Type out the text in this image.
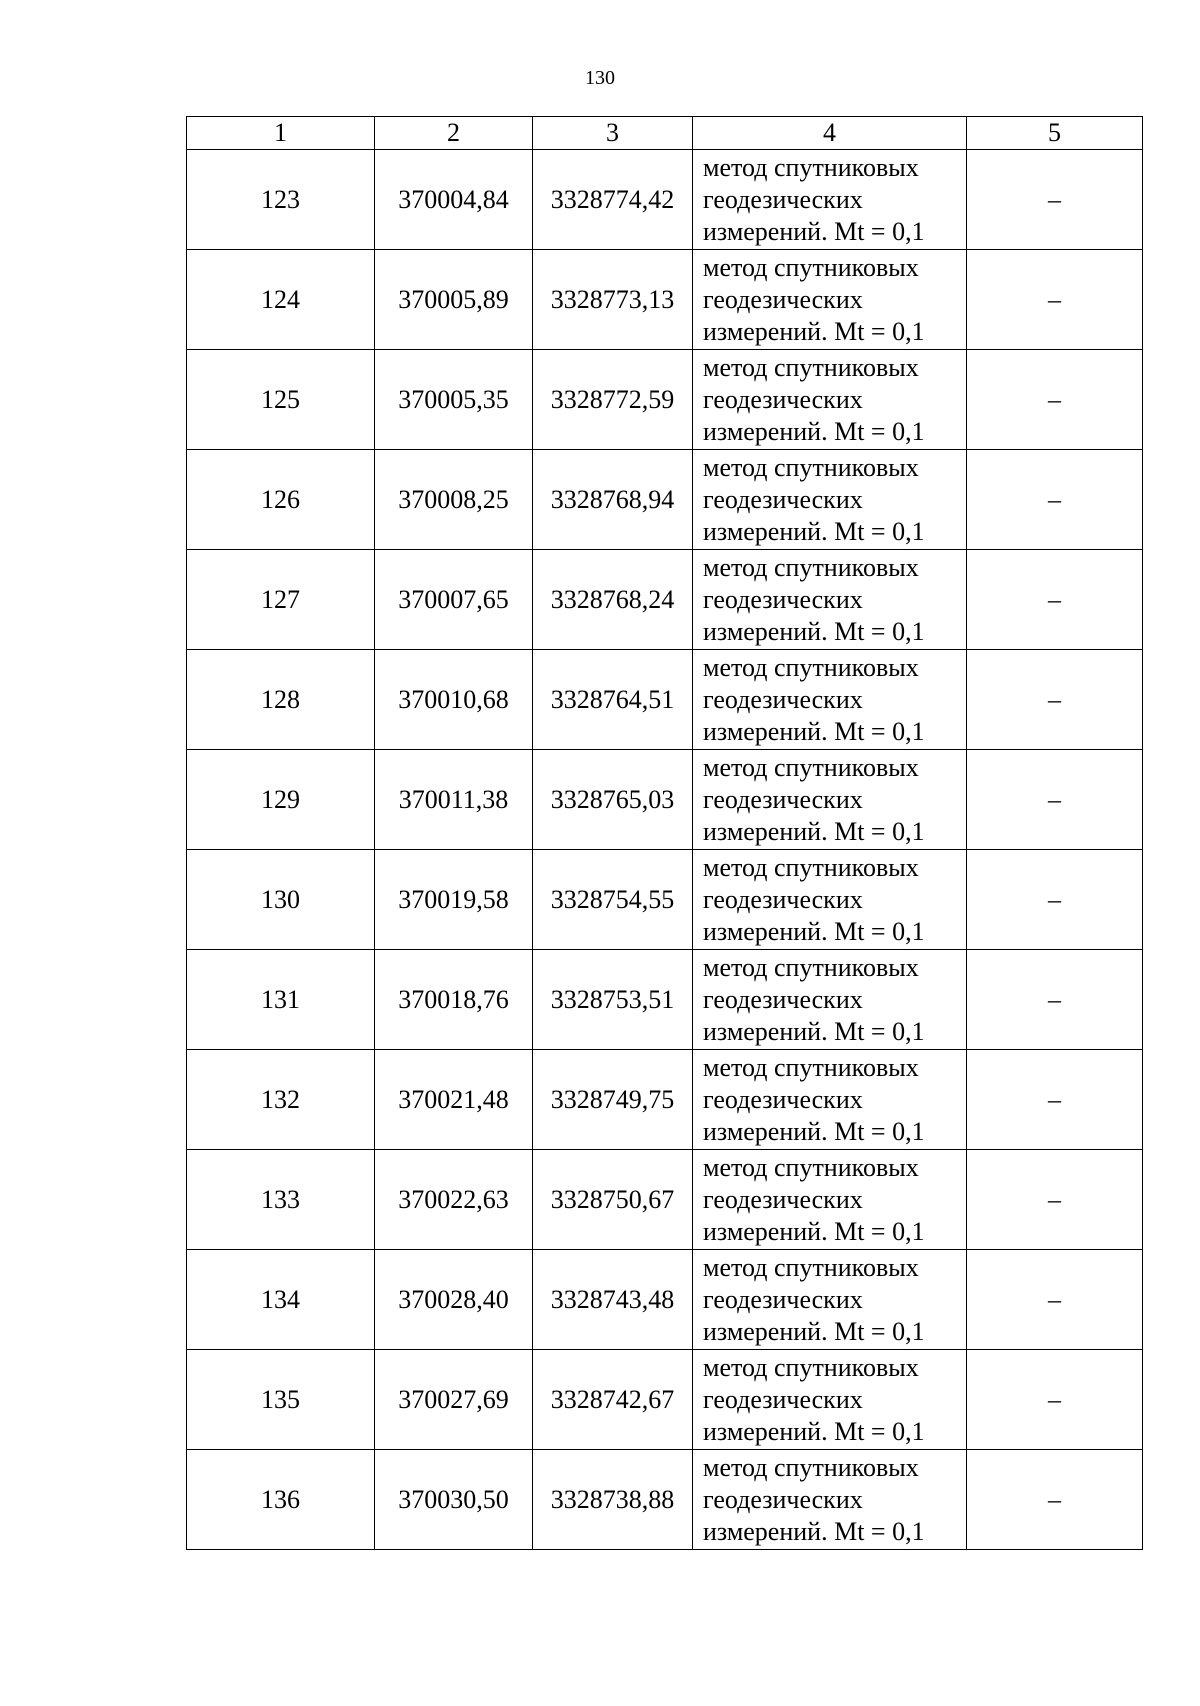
130
1	2	3	4	5
123	370004,84	3328774,42	метод спутниковых
геодезических
измерений. Mt = 0,1	–
124	370005,89	3328773,13	метод спутниковых
геодезических
измерений. Mt = 0,1	–
125	370005,35	3328772,59	метод спутниковых
геодезических
измерений. Mt = 0,1	–
126	370008,25	3328768,94	метод спутниковых
геодезических
измерений. Mt = 0,1	–
127	370007,65	3328768,24	метод спутниковых
геодезических
измерений. Mt = 0,1	–
128	370010,68	3328764,51	метод спутниковых
геодезических
измерений. Mt = 0,1	–
129	370011,38	3328765,03	метод спутниковых
геодезических
измерений. Mt = 0,1	–
130	370019,58	3328754,55	метод спутниковых
геодезических
измерений. Mt = 0,1	–
131	370018,76	3328753,51	метод спутниковых
геодезических
измерений. Mt = 0,1	–
132	370021,48	3328749,75	метод спутниковых
геодезических
измерений. Mt = 0,1	–
133	370022,63	3328750,67	метод спутниковых
геодезических
измерений. Mt = 0,1	–
134	370028,40	3328743,48	метод спутниковых
геодезических
измерений. Mt = 0,1	–
135	370027,69	3328742,67	метод спутниковых
геодезических
измерений. Mt = 0,1	–
136	370030,50	3328738,88	метод спутниковых
геодезических
измерений. Mt = 0,1	–
